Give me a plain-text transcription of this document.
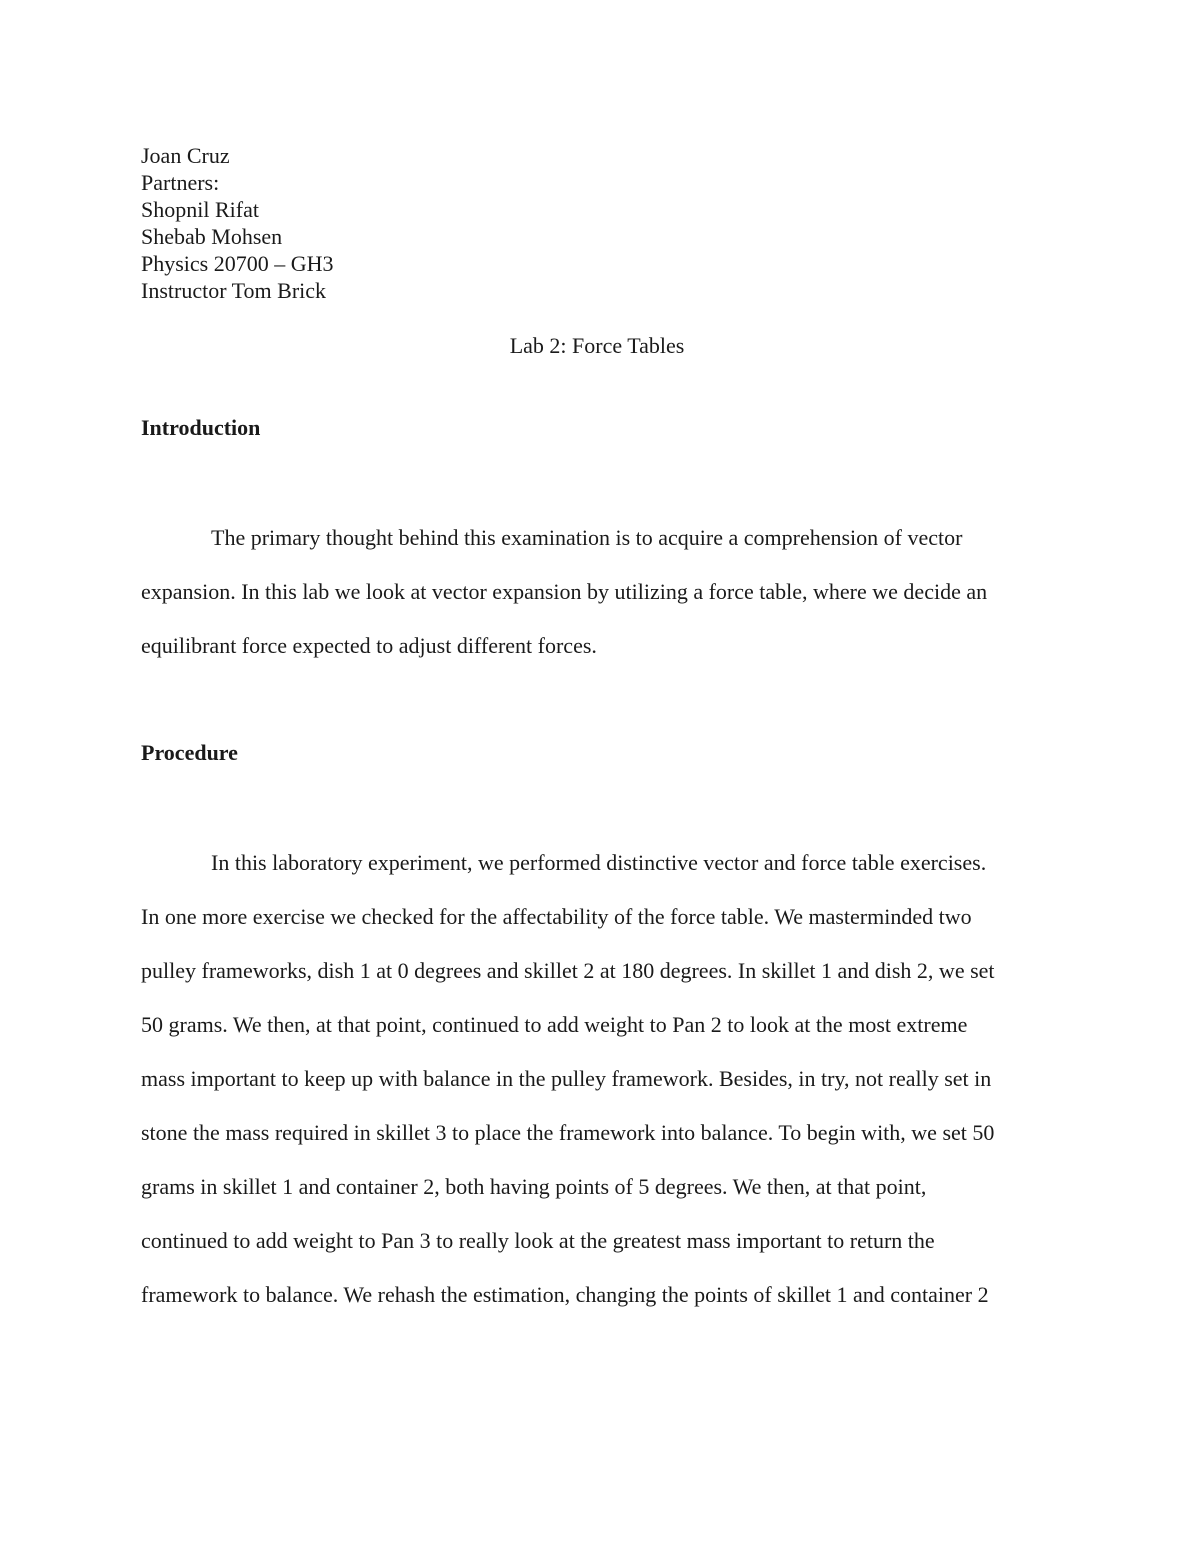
Joan Cruz
Partners:
Shopnil Rifat
Shebab Mohsen
Physics 20700 – GH3
Instructor Tom Brick
Lab 2: Force Tables
Introduction
The primary thought behind this examination is to acquire a comprehension of vector
expansion. In this lab we look at vector expansion by utilizing a force table, where we decide an
equilibrant force expected to adjust different forces.
Procedure
In this laboratory experiment, we performed distinctive vector and force table exercises.
In one more exercise we checked for the affectability of the force table. We masterminded two
pulley frameworks, dish 1 at 0 degrees and skillet 2 at 180 degrees. In skillet 1 and dish 2, we set
50 grams. We then, at that point, continued to add weight to Pan 2 to look at the most extreme
mass important to keep up with balance in the pulley framework. Besides, in try, not really set in
stone the mass required in skillet 3 to place the framework into balance. To begin with, we set 50
grams in skillet 1 and container 2, both having points of 5 degrees. We then, at that point,
continued to add weight to Pan 3 to really look at the greatest mass important to return the
framework to balance. We rehash the estimation, changing the points of skillet 1 and container 2
